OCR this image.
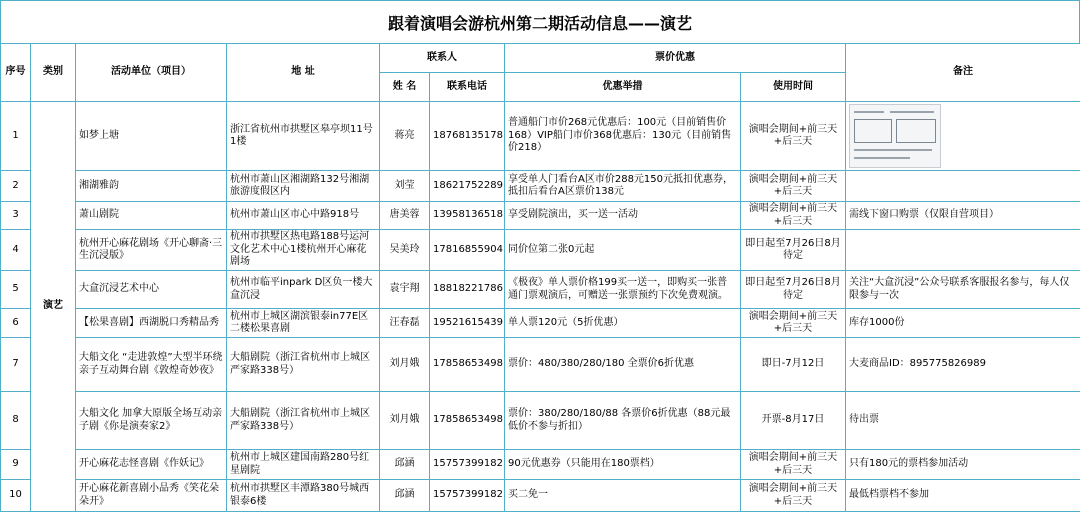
跟着演唱会游杭州第二期活动信息——演艺
序号	类别	活动单位（项目）	地 址	联系人		票价优惠		备注
				姓 名	联系电话	优惠举措	使用时间	
1	演艺	如梦上塘	浙江省杭州市拱墅区皋亭坝11号1楼	蒋亮	18768135178	普通船门市价268元优惠后：100元（目前销售价168）VIP船门市价368优惠后：130元（目前销售价218）	演唱会期间+前三天+后三天	

2		湘湖雅韵	杭州市萧山区湘湖路132号湘湖旅游度假区内	刘莹	18621752289	享受单人门看台A区市价288元150元抵扣优惠券，抵扣后看台A区票价138元	演唱会期间+前三天+后三天	
3		萧山剧院	杭州市萧山区市心中路918号	唐美蓉	13958136518	享受剧院演出，买一送一活动	演唱会期间+前三天+后三天	需线下窗口购票（仅限自营项目）
4		杭州开心麻花剧场《开心聊斋·三生沉浸版》	杭州市拱墅区热电路188号运河文化艺术中心1楼杭州开心麻花剧场	吴美玲	17816855904	同价位第二张0元起	即日起至7月26日8月待定	
5		大盒沉浸艺术中心	杭州市临平inpark D区负一楼大盒沉浸	袁宇翔	18818221786	《极夜》单人票价格199买一送一，即购买一张普通门票观演后，可赠送一张票预约下次免费观演。	即日起至7月26日8月待定	关注“大盒沉浸”公众号联系客服报名参与，每人仅限参与一次
6		【松果喜剧】西湖脱口秀精品秀	杭州市上城区湖滨银泰in77E区二楼松果喜剧	汪春磊	19521615439	单人票120元（5折优惠）	演唱会期间+前三天+后三天	库存1000份
7		大船文化 “走进敦煌”大型半环绕亲子互动舞台剧《敦煌奇妙夜》	大船剧院（浙江省杭州市上城区严家路338号）	刘月娥	17858653498	票价：480/380/280/180 全票价6折优惠	即日-7月12日	大麦商品ID：895775826989
8		大船文化 加拿大原版全场互动亲子剧《你是演奏家2》	大船剧院（浙江省杭州市上城区严家路338号）	刘月娥	17858653498	票价：380/280/180/88 各票价6折优惠（88元最低价不参与折扣）	开票-8月17日	待出票
9		开心麻花志怪喜剧《作妖记》	杭州市上城区建国南路280号红星剧院	邱涵	15757399182	90元优惠券（只能用在180票档）	演唱会期间+前三天+后三天	只有180元的票档参加活动
10		开心麻花新喜剧小品秀《笑花朵朵开》	杭州市拱墅区丰潭路380号城西银泰6楼	邱涵	15757399182	买二免一	演唱会期间+前三天+后三天	最低档票档不参加
